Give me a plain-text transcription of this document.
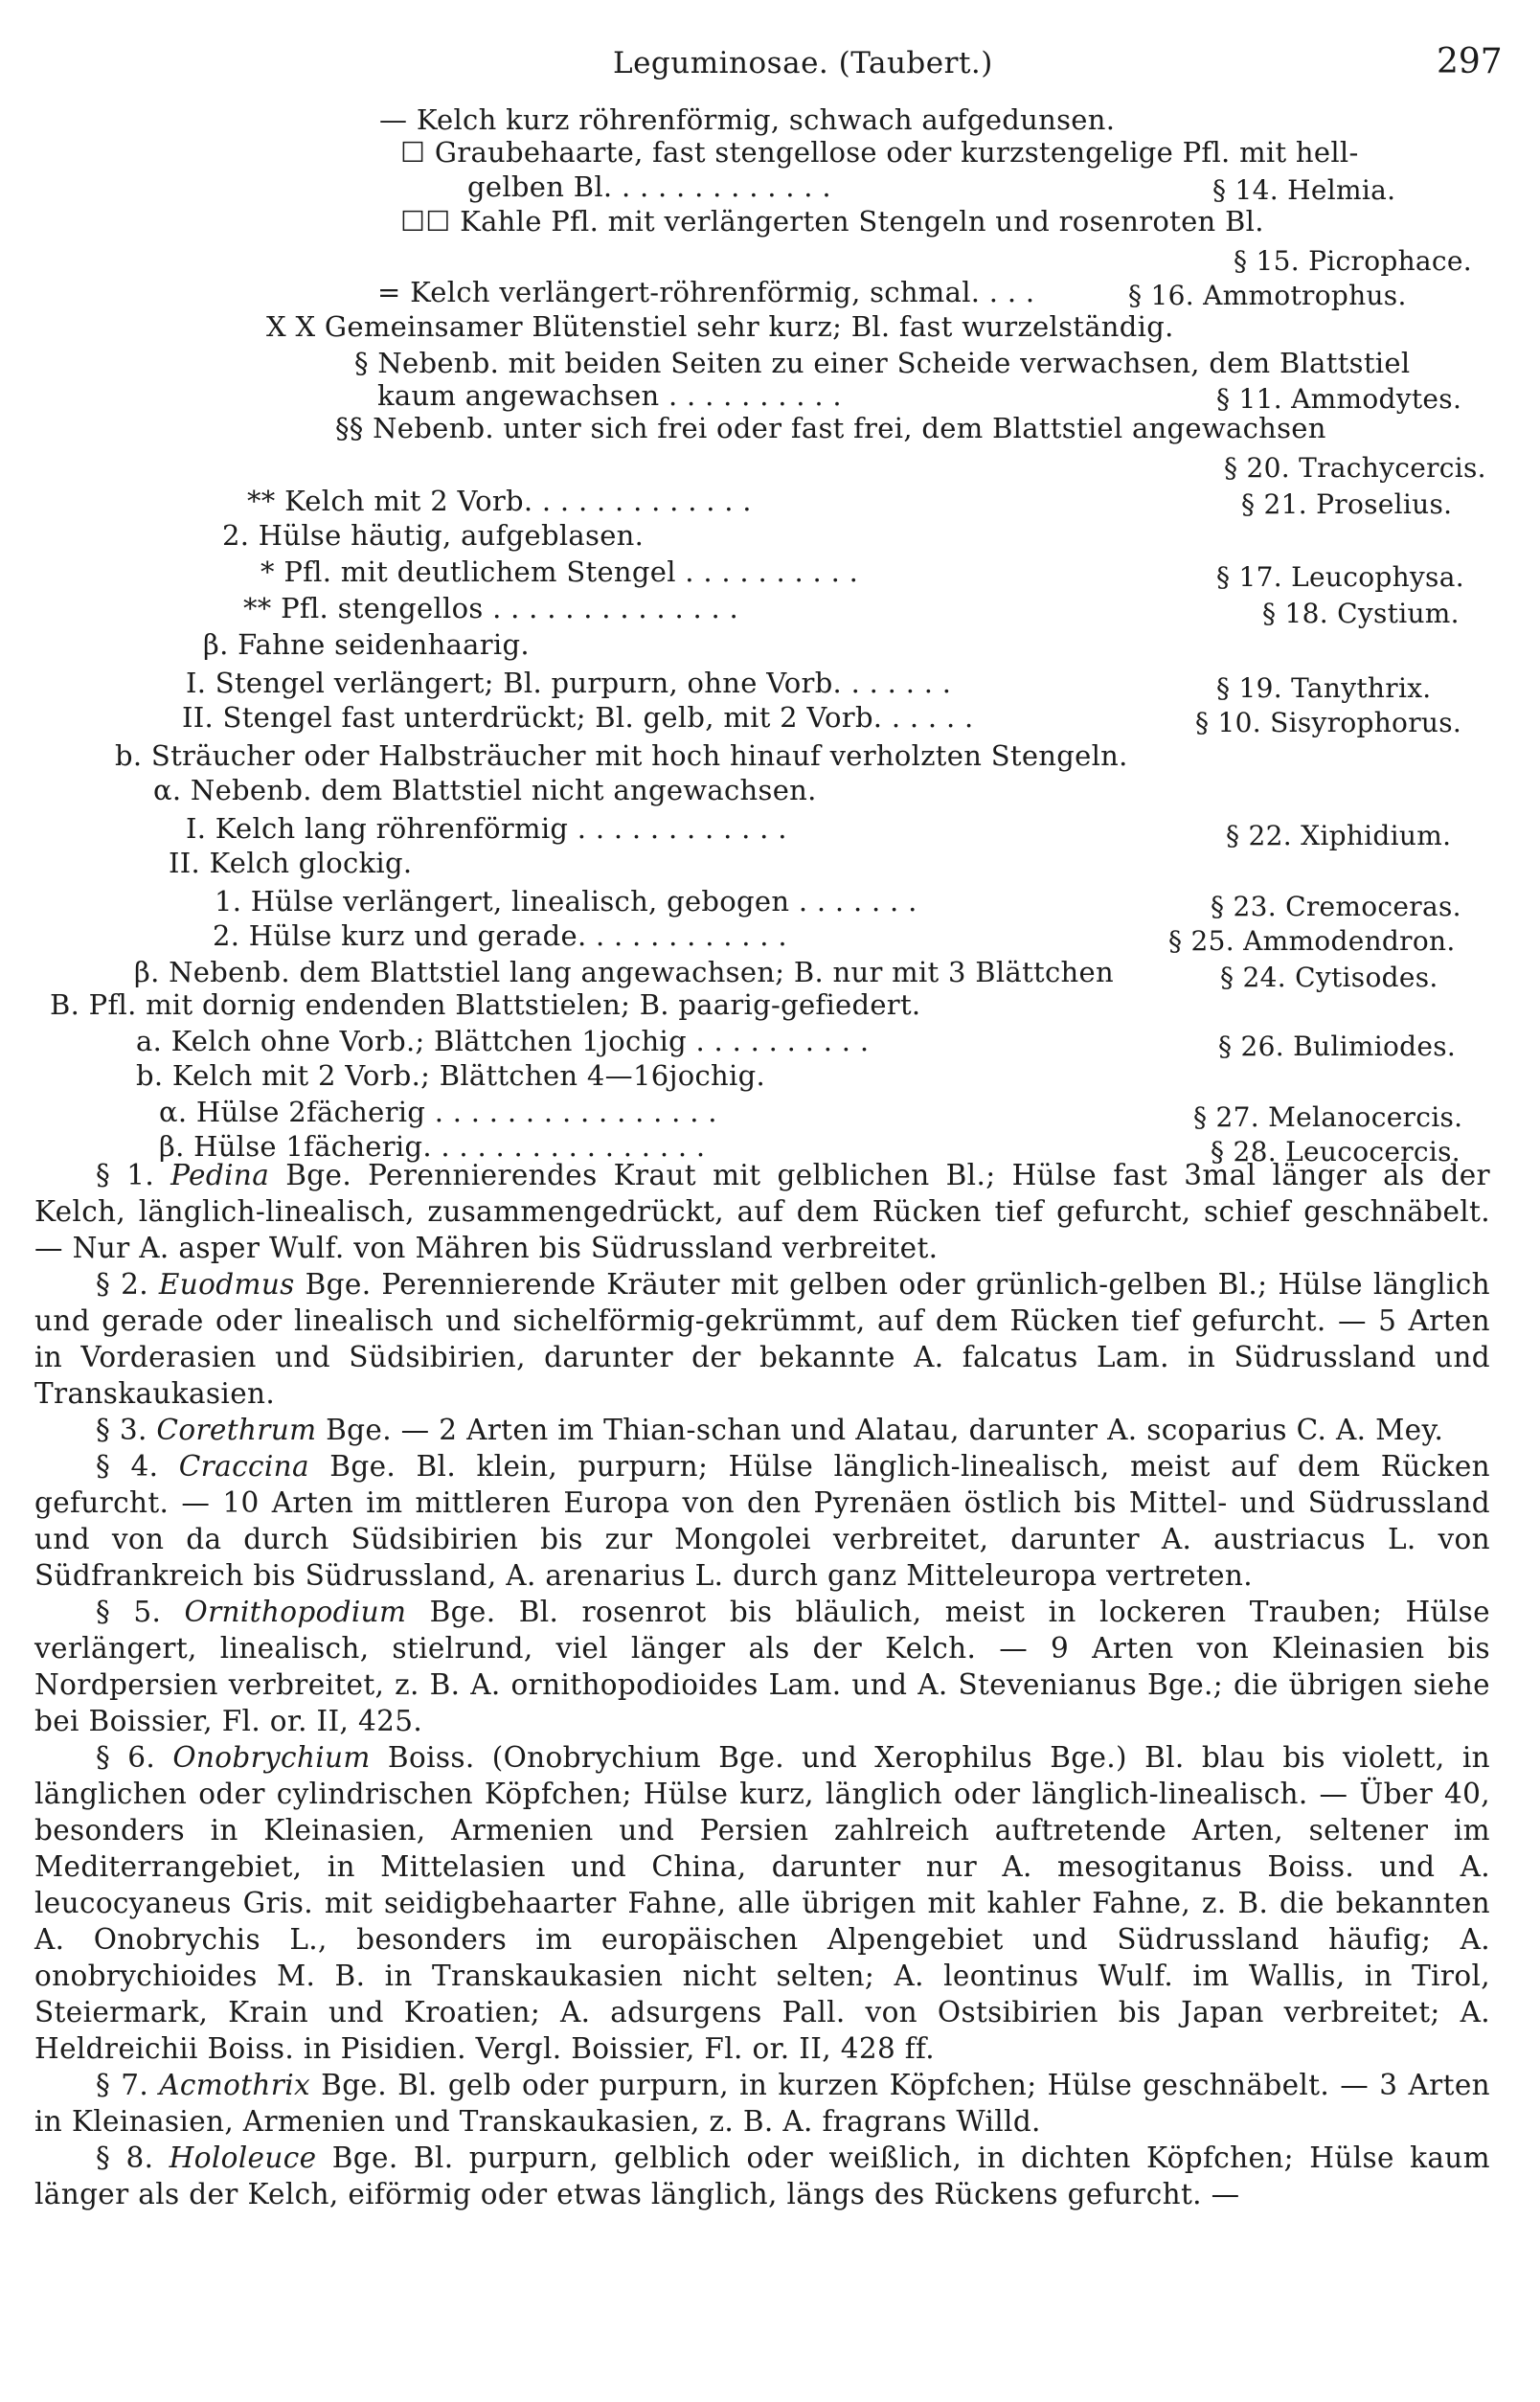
Leguminosae. (Taubert.)	297
— Kelch kurz röhrenförmig, schwach aufgedunsen.
☐ Graubehaarte, fast stengellose oder kurzstengelige Pfl. mit hell-
gelben Bl. . . . . . . . . . . . .	§ 14. Helmia.
☐☐ Kahle Pfl. mit verlängerten Stengeln und rosenroten Bl.
§ 15. Picrophace.
= Kelch verlängert-röhrenförmig, schmal. . . .	§ 16. Ammotrophus.
X X Gemeinsamer Blütenstiel sehr kurz; Bl. fast wurzelständig.
§ Nebenb. mit beiden Seiten zu einer Scheide verwachsen, dem Blattstiel
kaum angewachsen . . . . . . . . . .	§ 11. Ammodytes.
§§ Nebenb. unter sich frei oder fast frei, dem Blattstiel angewachsen
§ 20. Trachycercis.
** Kelch mit 2 Vorb. . . . . . . . . . . . .	§ 21. Proselius.
2. Hülse häutig, aufgeblasen.
* Pfl. mit deutlichem Stengel . . . . . . . . . .	§ 17. Leucophysa.
** Pfl. stengellos . . . . . . . . . . . . . .	§ 18. Cystium.
β. Fahne seidenhaarig.
I. Stengel verlängert; Bl. purpurn, ohne Vorb. . . . . . .	§ 19. Tanythrix.
II. Stengel fast unterdrückt; Bl. gelb, mit 2 Vorb. . . . . .	§ 10. Sisyrophorus.
b. Sträucher oder Halbsträucher mit hoch hinauf verholzten Stengeln.
α. Nebenb. dem Blattstiel nicht angewachsen.
I. Kelch lang röhrenförmig . . . . . . . . . . . .	§ 22. Xiphidium.
II. Kelch glockig.
1. Hülse verlängert, linealisch, gebogen . . . . . . .	§ 23. Cremoceras.
2. Hülse kurz und gerade. . . . . . . . . . . .	§ 25. Ammodendron.
β. Nebenb. dem Blattstiel lang angewachsen; B. nur mit 3 Blättchen	§ 24. Cytisodes.
B. Pfl. mit dornig endenden Blattstielen; B. paarig-gefiedert.
a. Kelch ohne Vorb.; Blättchen 1jochig . . . . . . . . . .	§ 26. Bulimiodes.
b. Kelch mit 2 Vorb.; Blättchen 4—16jochig.
α. Hülse 2fächerig . . . . . . . . . . . . . . . .	§ 27. Melanocercis.
β. Hülse 1fächerig. . . . . . . . . . . . . . . .	§ 28. Leucocercis.

§ 1. Pedina Bge. Perennierendes Kraut mit gelblichen Bl.; Hülse fast 3mal länger als der Kelch, länglich-linealisch, zusammengedrückt, auf dem Rücken tief gefurcht, schief geschnäbelt. — Nur A. asper Wulf. von Mähren bis Südrussland verbreitet.

§ 2. Euodmus Bge. Perennierende Kräuter mit gelben oder grünlich-gelben Bl.; Hülse länglich und gerade oder linealisch und sichelförmig-gekrümmt, auf dem Rücken tief gefurcht. — 5 Arten in Vorderasien und Südsibirien, darunter der bekannte A. falcatus Lam. in Südrussland und Transkaukasien.

§ 3. Corethrum Bge. — 2 Arten im Thian-schan und Alatau, darunter A. scoparius C. A. Mey.

§ 4. Craccina Bge. Bl. klein, purpurn; Hülse länglich-linealisch, meist auf dem Rücken gefurcht. — 10 Arten im mittleren Europa von den Pyrenäen östlich bis Mittel- und Südrussland und von da durch Südsibirien bis zur Mongolei verbreitet, darunter A. austriacus L. von Südfrankreich bis Südrussland, A. arenarius L. durch ganz Mitteleuropa vertreten.

§ 5. Ornithopodium Bge. Bl. rosenrot bis bläulich, meist in lockeren Trauben; Hülse verlängert, linealisch, stielrund, viel länger als der Kelch. — 9 Arten von Kleinasien bis Nordpersien verbreitet, z. B. A. ornithopodioides Lam. und A. Stevenianus Bge.; die übrigen siehe bei Boissier, Fl. or. II, 425.

§ 6. Onobrychium Boiss. (Onobrychium Bge. und Xerophilus Bge.) Bl. blau bis violett, in länglichen oder cylindrischen Köpfchen; Hülse kurz, länglich oder länglich-linealisch. — Über 40, besonders in Kleinasien, Armenien und Persien zahlreich auftretende Arten, seltener im Mediterrangebiet, in Mittelasien und China, darunter nur A. mesogitanus Boiss. und A. leucocyaneus Gris. mit seidigbehaarter Fahne, alle übrigen mit kahler Fahne, z. B. die bekannten A. Onobrychis L., besonders im europäischen Alpengebiet und Südrussland häufig; A. onobrychioides M. B. in Transkaukasien nicht selten; A. leontinus Wulf. im Wallis, in Tirol, Steiermark, Krain und Kroatien; A. adsurgens Pall. von Ostsibirien bis Japan verbreitet; A. Heldreichii Boiss. in Pisidien. Vergl. Boissier, Fl. or. II, 428 ff.

§ 7. Acmothrix Bge. Bl. gelb oder purpurn, in kurzen Köpfchen; Hülse geschnäbelt. — 3 Arten in Kleinasien, Armenien und Transkaukasien, z. B. A. fragrans Willd.

§ 8. Hololeuce Bge. Bl. purpurn, gelblich oder weißlich, in dichten Köpfchen; Hülse kaum länger als der Kelch, eiförmig oder etwas länglich, längs des Rückens gefurcht. —
